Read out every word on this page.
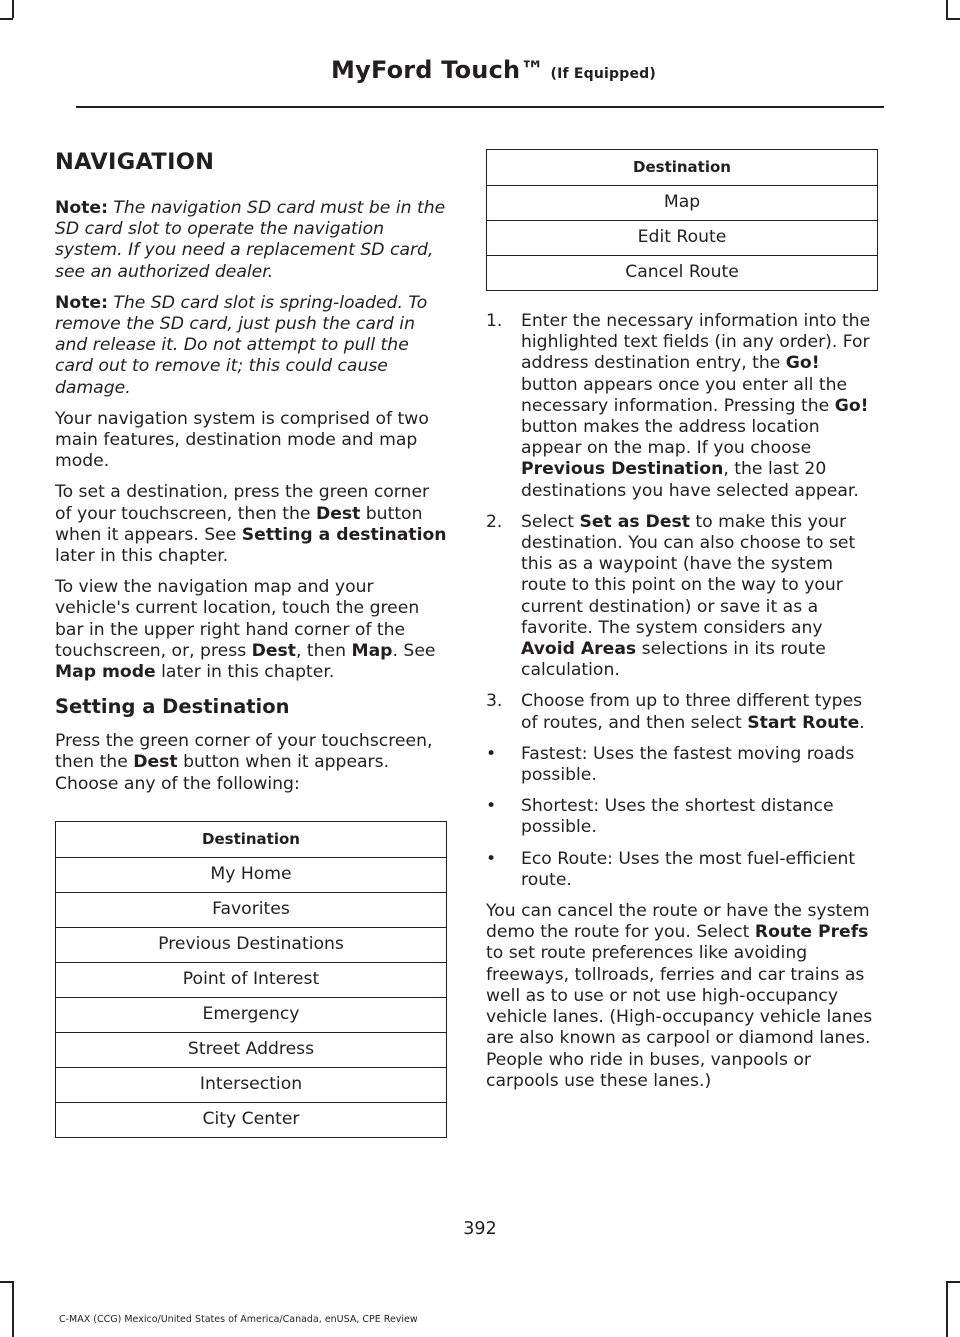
MyFord Touch™ (If Equipped)
NAVIGATION

Note: The navigation SD card must be in the SD card slot to operate the navigation system. If you need a replacement SD card, see an authorized dealer.

Note: The SD card slot is spring-loaded. To remove the SD card, just push the card in and release it. Do not attempt to pull the card out to remove it; this could cause damage.

Your navigation system is comprised of two main features, destination mode and map mode.

To set a destination, press the green corner of your touchscreen, then the Dest button when it appears. See Setting a destination later in this chapter.

To view the navigation map and your vehicle's current location, touch the green bar in the upper right hand corner of the touchscreen, or, press Dest, then Map. See Map mode later in this chapter.

Setting a Destination

Press the green corner of your touchscreen, then the Dest button when it appears. Choose any of the following:

Destination
My Home
Favorites
Previous Destinations
Point of Interest
Emergency
Street Address
Intersection
City Center
Destination
Map
Edit Route
Cancel Route
1. Enter the necessary information into the highlighted text fields (in any order). For address destination entry, the Go! button appears once you enter all the necessary information. Pressing the Go! button makes the address location appear on the map. If you choose Previous Destination, the last 20 destinations you have selected appear.
2. Select Set as Dest to make this your destination. You can also choose to set this as a waypoint (have the system route to this point on the way to your current destination) or save it as a favorite. The system considers any Avoid Areas selections in its route calculation.
3. Choose from up to three different types of routes, and then select Start Route.
• Fastest: Uses the fastest moving roads possible.
• Shortest: Uses the shortest distance possible.
• Eco Route: Uses the most fuel-efficient route.

You can cancel the route or have the system demo the route for you. Select Route Prefs to set route preferences like avoiding freeways, tollroads, ferries and car trains as well as to use or not use high-occupancy vehicle lanes. (High-occupancy vehicle lanes are also known as carpool or diamond lanes. People who ride in buses, vanpools or carpools use these lanes.)

392
C-MAX (CCG) Mexico/United States of America/Canada, enUSA, CPE Review
